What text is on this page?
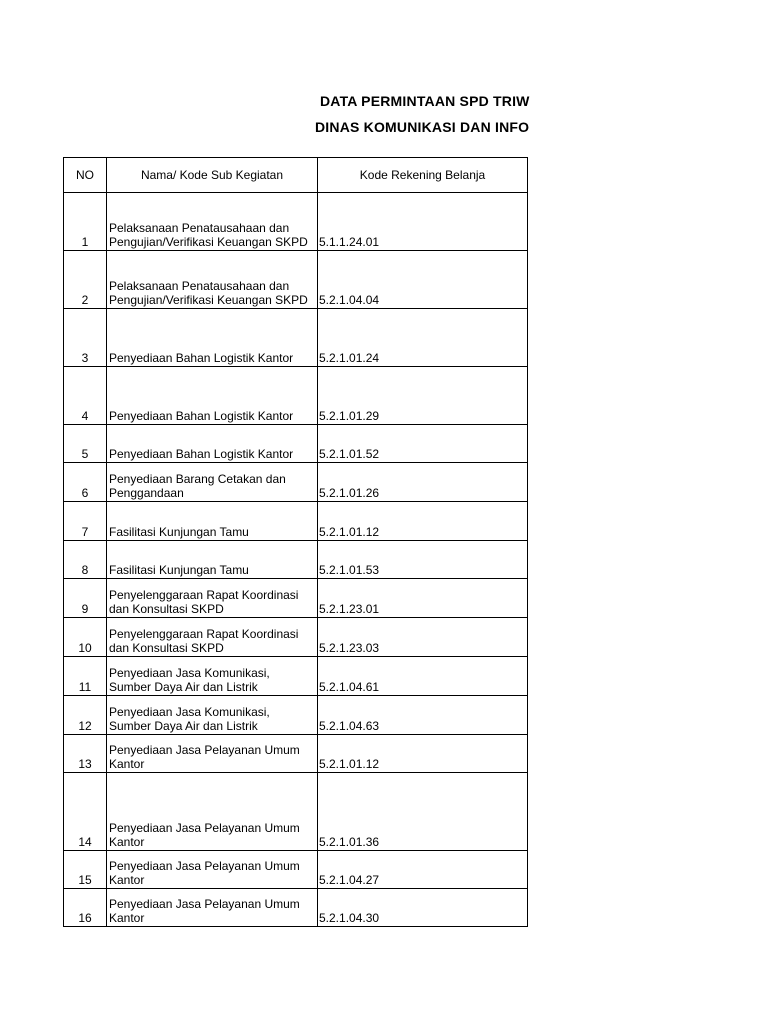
DATA PERMINTAAN SPD TRIW
DINAS KOMUNIKASI DAN INFO
NO	Nama/ Kode Sub Kegiatan	Kode Rekening Belanja
1	Pelaksanaan Penatausahaan dan Pengujian/Verifikasi Keuangan SKPD	5.1.1.24.01
2	Pelaksanaan Penatausahaan dan Pengujian/Verifikasi Keuangan SKPD	5.2.1.04.04
3	Penyediaan Bahan Logistik Kantor	5.2.1.01.24
4	Penyediaan Bahan Logistik Kantor	5.2.1.01.29
5	Penyediaan Bahan Logistik Kantor	5.2.1.01.52
6	Penyediaan Barang Cetakan dan Penggandaan	5.2.1.01.26
7	Fasilitasi Kunjungan Tamu	5.2.1.01.12
8	Fasilitasi Kunjungan Tamu	5.2.1.01.53
9	Penyelenggaraan Rapat Koordinasi dan Konsultasi SKPD	5.2.1.23.01
10	Penyelenggaraan Rapat Koordinasi dan Konsultasi SKPD	5.2.1.23.03
11	Penyediaan Jasa Komunikasi, Sumber Daya Air dan Listrik	5.2.1.04.61
12	Penyediaan Jasa Komunikasi, Sumber Daya Air dan Listrik	5.2.1.04.63
13	Penyediaan Jasa Pelayanan Umum Kantor	5.2.1.01.12
14	Penyediaan Jasa Pelayanan Umum Kantor	5.2.1.01.36
15	Penyediaan Jasa Pelayanan Umum Kantor	5.2.1.04.27
16	Penyediaan Jasa Pelayanan Umum Kantor	5.2.1.04.30
